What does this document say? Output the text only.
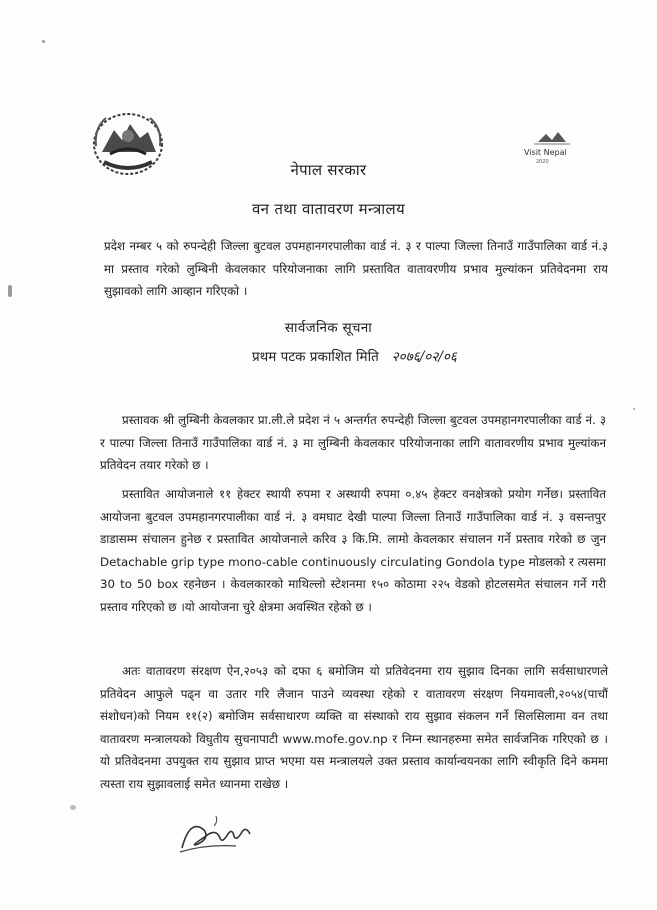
Visit Nepal
2020
नेपाल सरकार
वन तथा वातावरण मन्त्रालय
प्रदेश नम्बर ५ को रुपन्देही जिल्ला बुटवल उपमहानगरपालीका वार्ड नं. ३ र पाल्पा जिल्ला तिनाउँ गाउँपालिका वार्ड नं.३ मा प्रस्ताव गरेको लुम्बिनी केवलकार परियोजनाका लागि प्रस्तावित वातावरणीय प्रभाव मुल्यांकन प्रतिवेदनमा राय सुझावको लागि आव्हान गरिएको ।
सार्वजनिक सूचना
प्रथम पटक प्रकाशित मिति २०७६/०२/०६
प्रस्तावक श्री लुम्बिनी केवलकार प्रा.ली.ले प्रदेश नं ५ अन्तर्गत रुपन्देही जिल्ला बुटवल उपमहानगरपालीका वार्ड नं. ३ र पाल्पा जिल्ला तिनाउँ गाउँपालिका वार्ड नं. ३ मा लुम्बिनी केवलकार परियोजनाका लागि वातावरणीय प्रभाव मुल्यांकन प्रतिवेदन तयार गरेको छ ।
प्रस्तावित आयोजनाले ११ हेक्टर स्थायी रुपमा र अस्थायी रुपमा ०.४५ हेक्टर वनक्षेत्रको प्रयोग गर्नेछ। प्रस्तावित आयोजना बुटवल उपमहानगरपालीका वार्ड नं. ३ वमघाट देखी पाल्पा जिल्ला तिनाउँ गाउँपालिका वार्ड नं. ३ वसन्तपुर डाडासम्म संचालन हुनेछ र प्रस्तावित आयोजनाले करिव ३ कि.मि. लामो केवलकार संचालन गर्ने प्रस्ताव गरेको छ जुन Detachable grip type mono-cable continuously circulating Gondola type मोडलको र त्यसमा 30 to 50 box रहनेछन । केवलकारको माथिल्लो स्टेशनमा १५० कोठामा २२५ वेडको होटलसमेत संचालन गर्ने गरी प्रस्ताव गरिएको छ ।यो आयोजना चुरे क्षेत्रमा अवस्थित रहेको छ ।
अतः वातावरण संरक्षण ऐन,२०५३ को दफा ६ बमोजिम यो प्रतिवेदनमा राय सुझाव दिनका लागि सर्वसाधारणले प्रतिवेदन आफुले पढ्न वा उतार गरि लैजान पाउने व्यवस्था रहेको र वातावरण संरक्षण नियमावली,२०५४(पाचौं संशोधन)को नियम ११(२) बमोजिम सर्वसाधारण व्यक्ति वा संस्थाको राय सुझाव संकलन गर्ने सिलसिलामा वन तथा वातावरण मन्त्रालयको विघुतीय सुचनापाटी www.mofe.gov.np र निम्न स्थानहरुमा समेत सार्वजनिक गरिएको छ । यो प्रतिवेदनमा उपयुक्त राय सुझाव प्राप्त भएमा यस मन्त्रालयले उक्त प्रस्ताव कार्यान्वयनका लागि स्वीकृति दिने कममा त्यस्ता राय सुझावलाई समेत ध्यानमा राखेछ ।
